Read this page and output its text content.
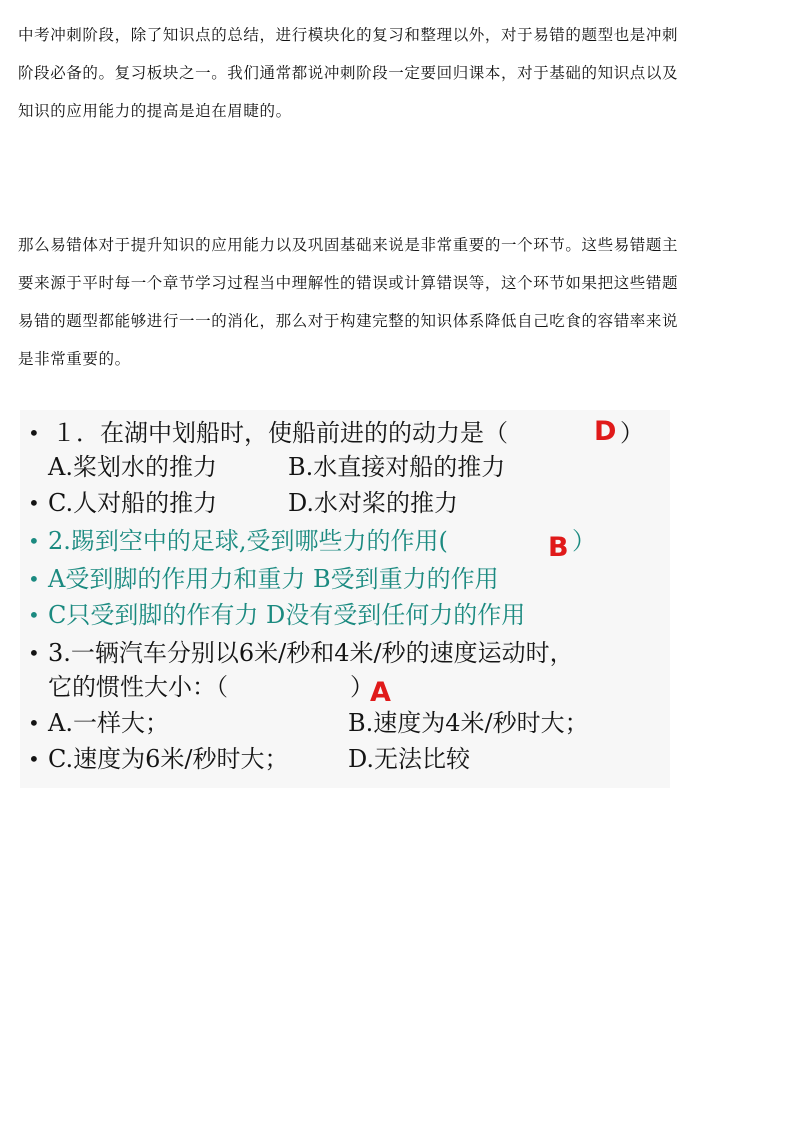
中考冲刺阶段，除了知识点的总结，进行模块化的复习和整理以外，对于易错的题型也是冲刺
阶段必备的。复习板块之一。我们通常都说冲刺阶段一定要回归课本，对于基础的知识点以及
知识的应用能力的提高是迫在眉睫的。
那么易错体对于提升知识的应用能力以及巩固基础来说是非常重要的一个环节。这些易错题主
要来源于平时每一个章节学习过程当中理解性的错误或计算错误等，这个环节如果把这些错题
易错的题型都能够进行一一的消化，那么对于构建完整的知识体系降低自己吃食的容错率来说
是非常重要的。
• １．在湖中划船时，使船前进的的动力是（	D ）
A.桨划水的推力	B.水直接对船的推力
• C.人对船的推力	D.水对桨的推力
• 2.踢到空中的足球,受到哪些力的作用(	B ）
• A受到脚的作用力和重力 B受到重力的作用
• C只受到脚的作有力 D没有受到任何力的作用
• 3.一辆汽车分别以6米/秒和4米/秒的速度运动时，
它的惯性大小：（	）
A
• A.一样大；	B.速度为4米/秒时大；
• C.速度为6米/秒时大； D.无法比较
